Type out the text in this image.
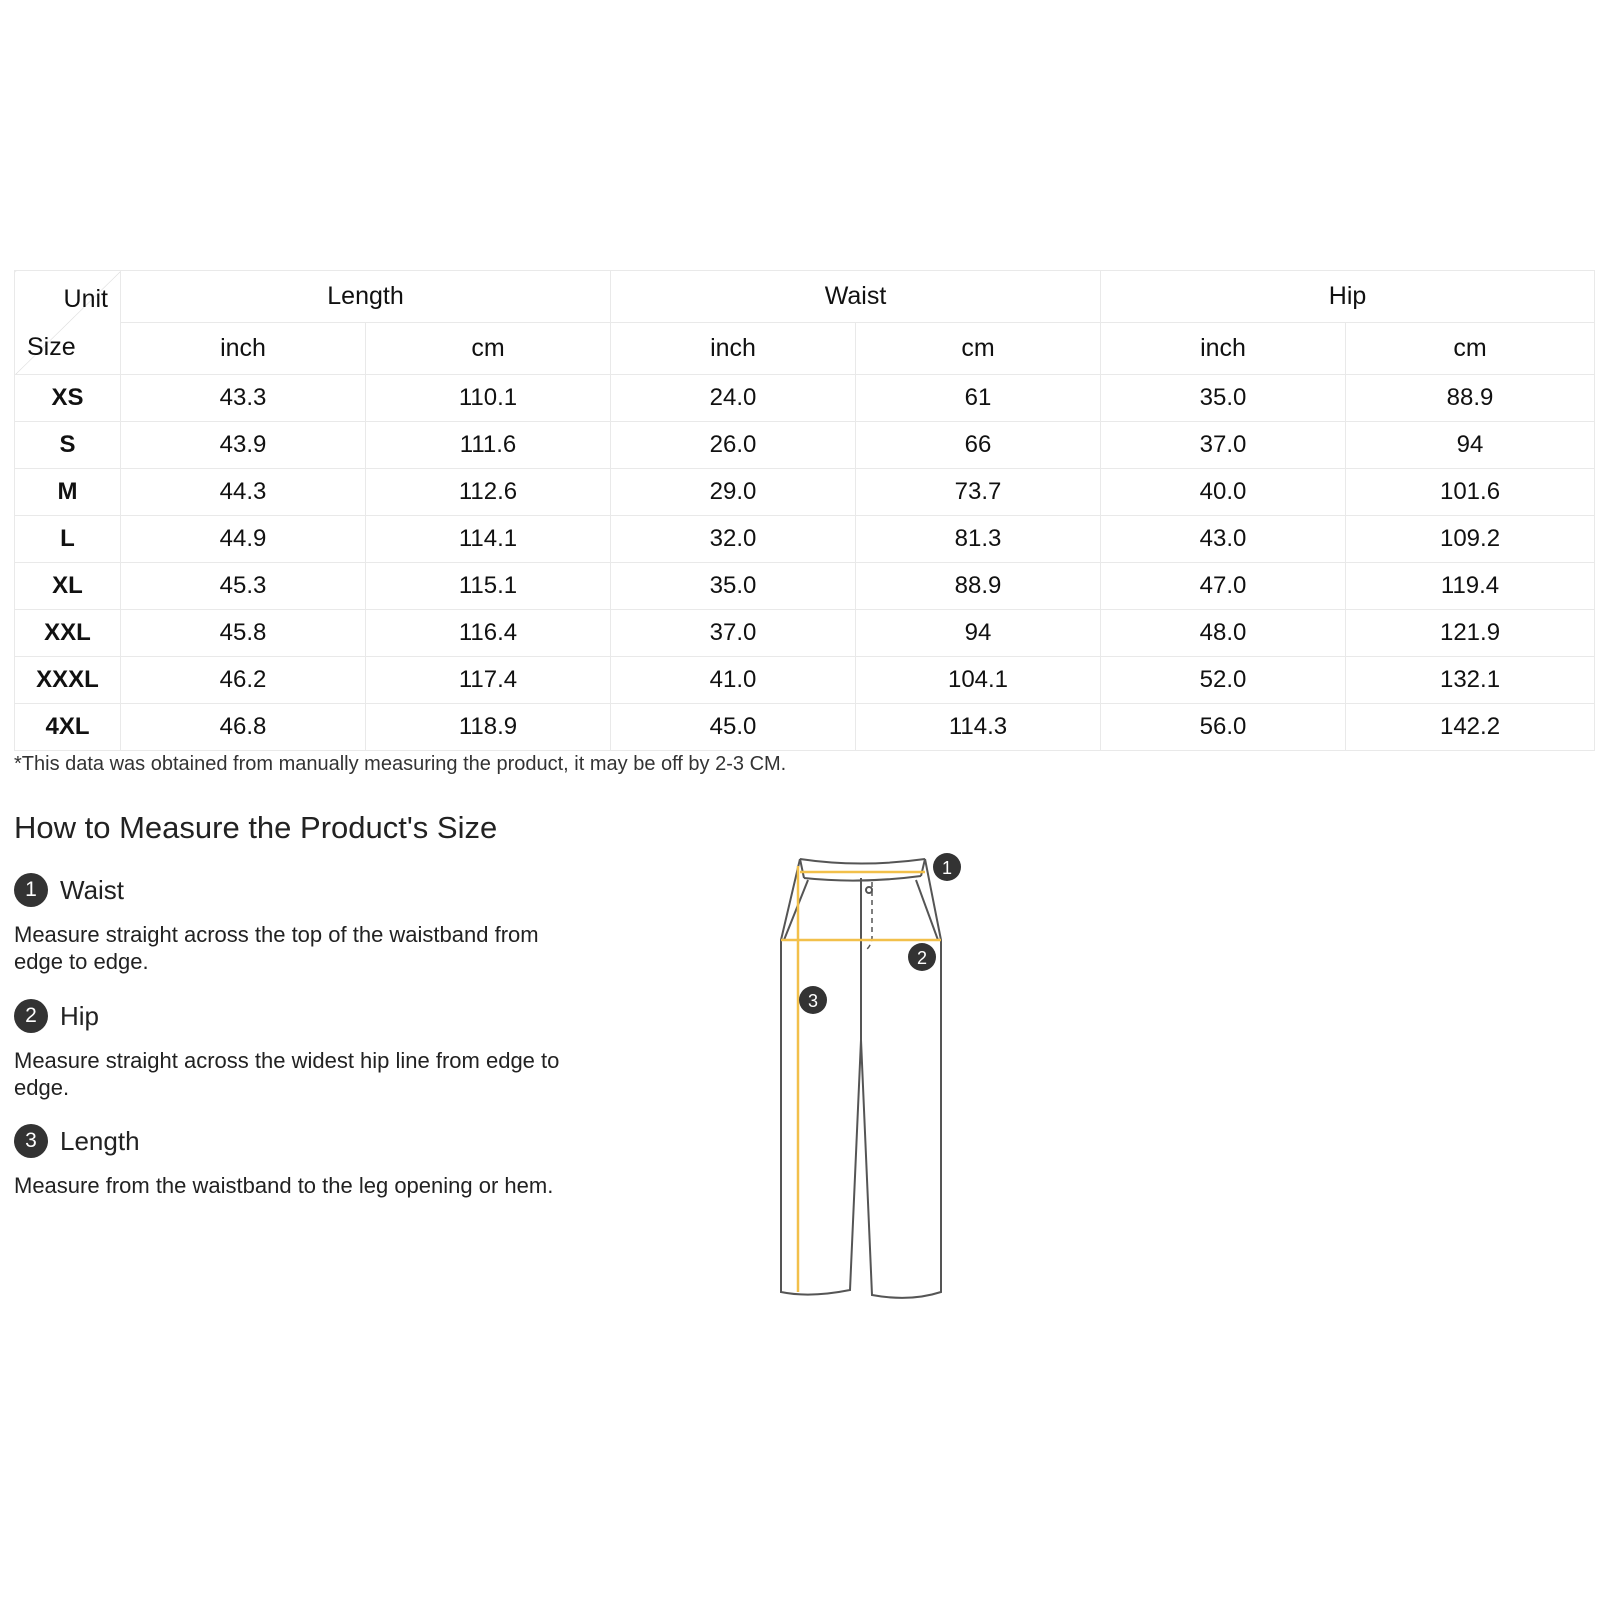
Unit
Size	Length		Waist		Hip	
	inch	cm	inch	cm	inch	cm
XS	43.3	110.1	24.0	61	35.0	88.9
S	43.9	111.6	26.0	66	37.0	94
M	44.3	112.6	29.0	73.7	40.0	101.6
L	44.9	114.1	32.0	81.3	43.0	109.2
XL	45.3	115.1	35.0	88.9	47.0	119.4
XXL	45.8	116.4	37.0	94	48.0	121.9
XXXL	46.2	117.4	41.0	104.1	52.0	132.1
4XL	46.8	118.9	45.0	114.3	56.0	142.2

*This data was obtained from manually measuring the product, it may be off by 2-3 CM.

How to Measure the Product's Size
1 Waist
Measure straight across the top of the waistband from edge to edge.
2 Hip
Measure straight across the widest hip line from edge to edge.
3 Length
Measure from the waistband to the leg opening or hem.
1
2
3
